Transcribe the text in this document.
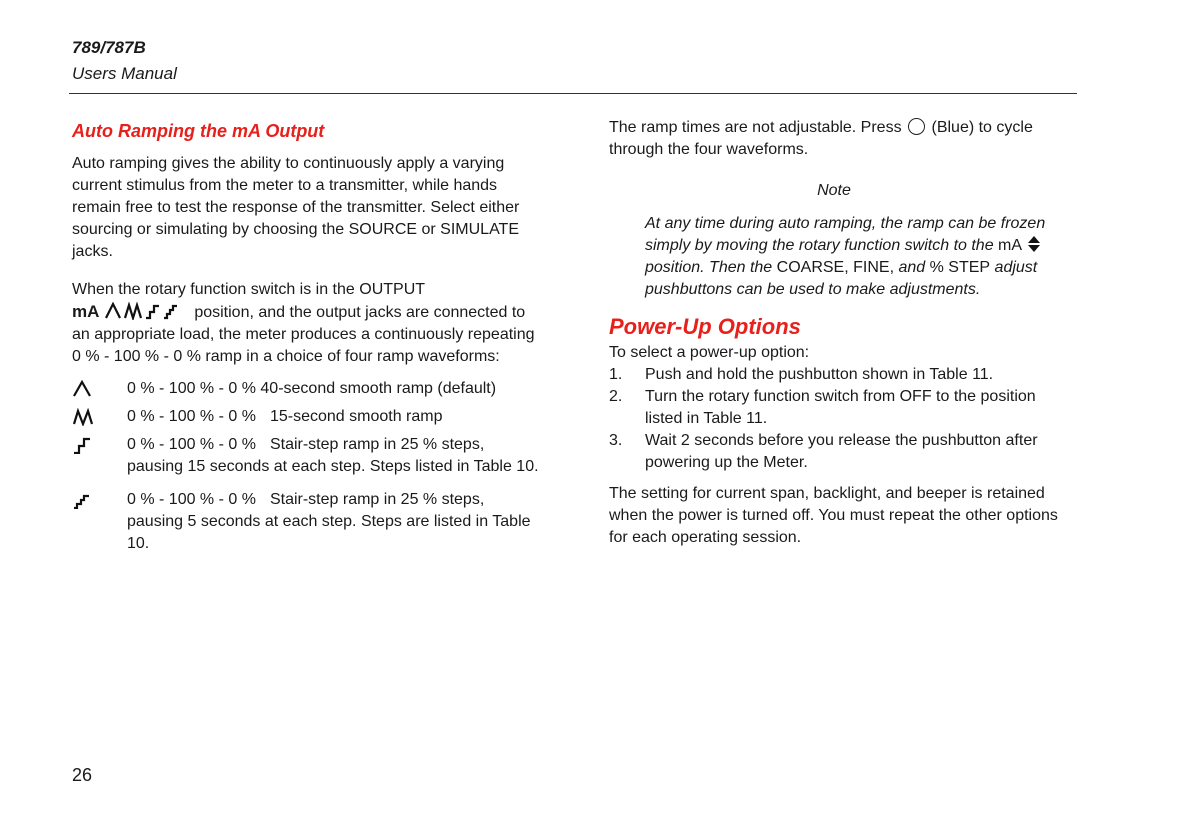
789/787B
Users Manual
Auto Ramping the mA Output

Auto ramping gives the ability to continuously apply a varying current stimulus from the meter to a transmitter, while hands remain free to test the response of the transmitter. Select either sourcing or simulating by choosing the SOURCE or SIMULATE jacks.

When the rotary function switch is in the OUTPUT
mA	position, and the output jacks are connected to an appropriate load, the meter produces a continuously repeating 0 % - 100 % - 0 % ramp in a choice of four ramp waveforms:

0 % - 100 % - 0 % 40-second smooth ramp (default)
0 % - 100 % - 0 % 15-second smooth ramp
0 % - 100 % - 0 % Stair-step ramp in 25 % steps, pausing 15 seconds at each step. Steps listed in Table 10.
0 % - 100 % - 0 % Stair-step ramp in 25 % steps, pausing 5 seconds at each step. Steps are listed in Table 10.

The ramp times are not adjustable. Press (Blue) to cycle through the four waveforms.

Note

At any time during auto ramping, the ramp can be frozen simply by moving the rotary function switch to the mA  position. Then the COARSE, FINE, and % STEP adjust pushbuttons can be used to make adjustments.

Power-Up Options

To select a power-up option:

1. Push and hold the pushbutton shown in Table 11.
2. Turn the rotary function switch from OFF to the position listed in Table 11.
3. Wait 2 seconds before you release the pushbutton after powering up the Meter.

The setting for current span, backlight, and beeper is retained when the power is turned off. You must repeat the other options for each operating session.

26
